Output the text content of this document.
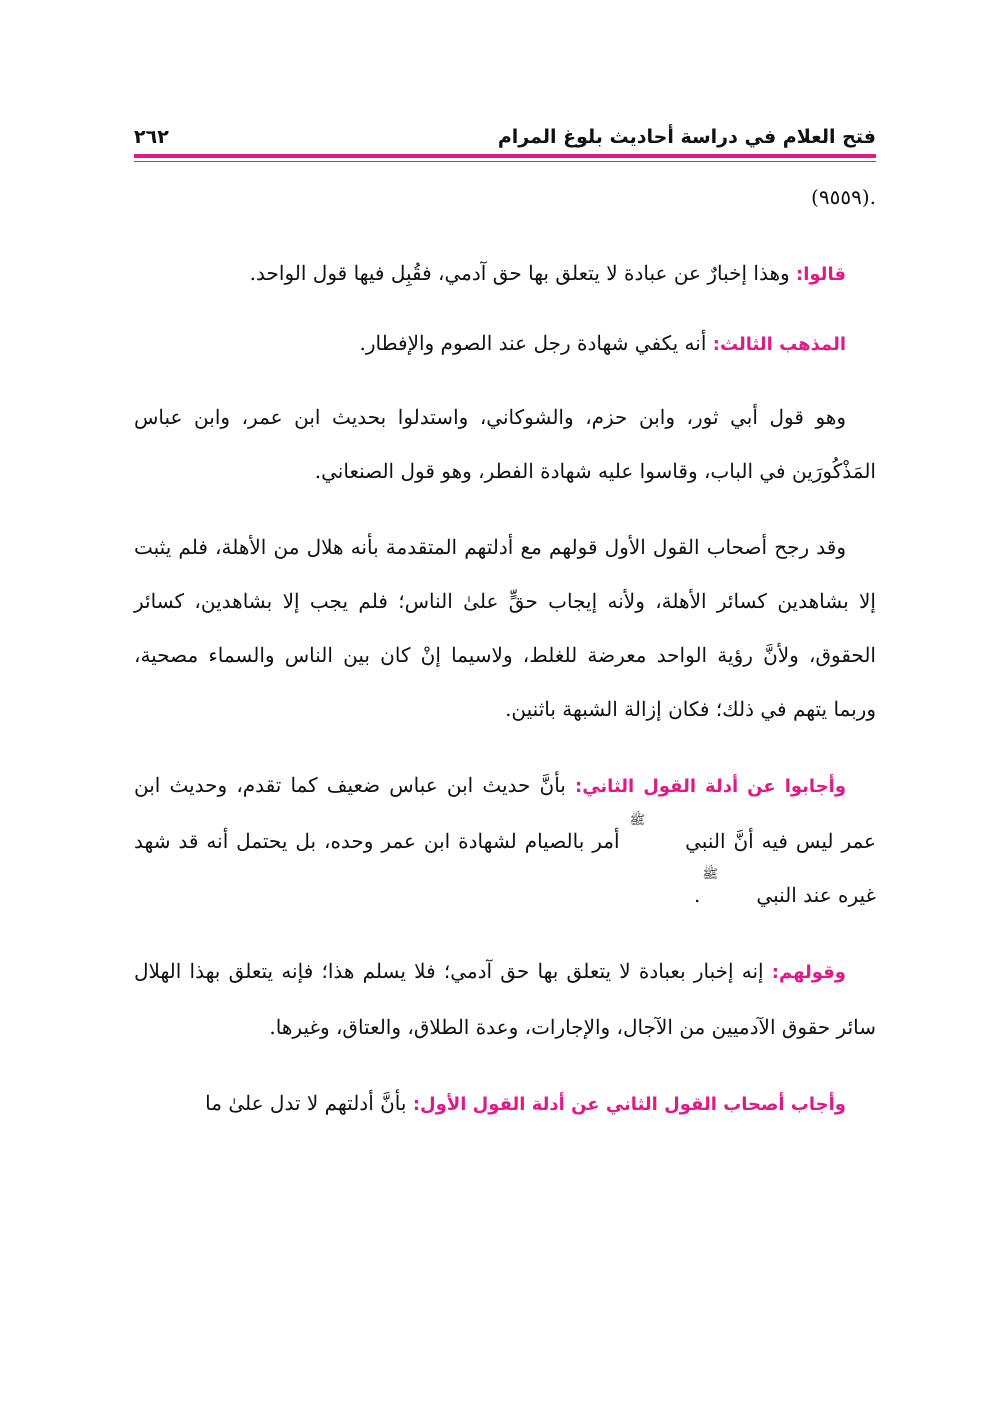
فتح العلام في دراسة أحاديث بلوغ المرام
٢٦٢

.(٩٥٥٩)

قالوا: وهذا إخبارٌ عن عبادة لا يتعلق بها حق آدمي، فقُبِل فيها قول الواحد.

المذهب الثالث: أنه يكفي شهادة رجل عند الصوم والإفطار.

وهو قول أبي ثور، وابن حزم، والشوكاني، واستدلوا بحديث ابن عمر، وابن عباس المَذْكُورَين في الباب، وقاسوا عليه شهادة الفطر، وهو قول الصنعاني.

وقد رجح أصحاب القول الأول قولهم مع أدلتهم المتقدمة بأنه هلال من الأهلة، فلم يثبت إلا بشاهدين كسائر الأهلة، ولأنه إيجاب حقٍّ علىٰ الناس؛ فلم يجب إلا بشاهدين، كسائر الحقوق، ولأنَّ رؤية الواحد معرضة للغلط، ولاسيما إنْ كان بين الناس والسماء مصحية، وربما يتهم في ذلك؛ فكان إزالة الشبهة باثنين.

وأجابوا عن أدلة القول الثاني: بأنَّ حديث ابن عباس ضعيف كما تقدم، وحديث ابن عمر ليس فيه أنَّ النبي ﷺ أمر بالصيام لشهادة ابن عمر وحده، بل يحتمل أنه قد شهد غيره عند النبي ﷺ.

وقولهم: إنه إخبار بعبادة لا يتعلق بها حق آدمي؛ فلا يسلم هذا؛ فإنه يتعلق بهذا الهلال سائر حقوق الآدميين من الآجال، والإجارات، وعدة الطلاق، والعتاق، وغيرها.

وأجاب أصحاب القول الثاني عن أدلة القول الأول: بأنَّ أدلتهم لا تدل علىٰ ما
